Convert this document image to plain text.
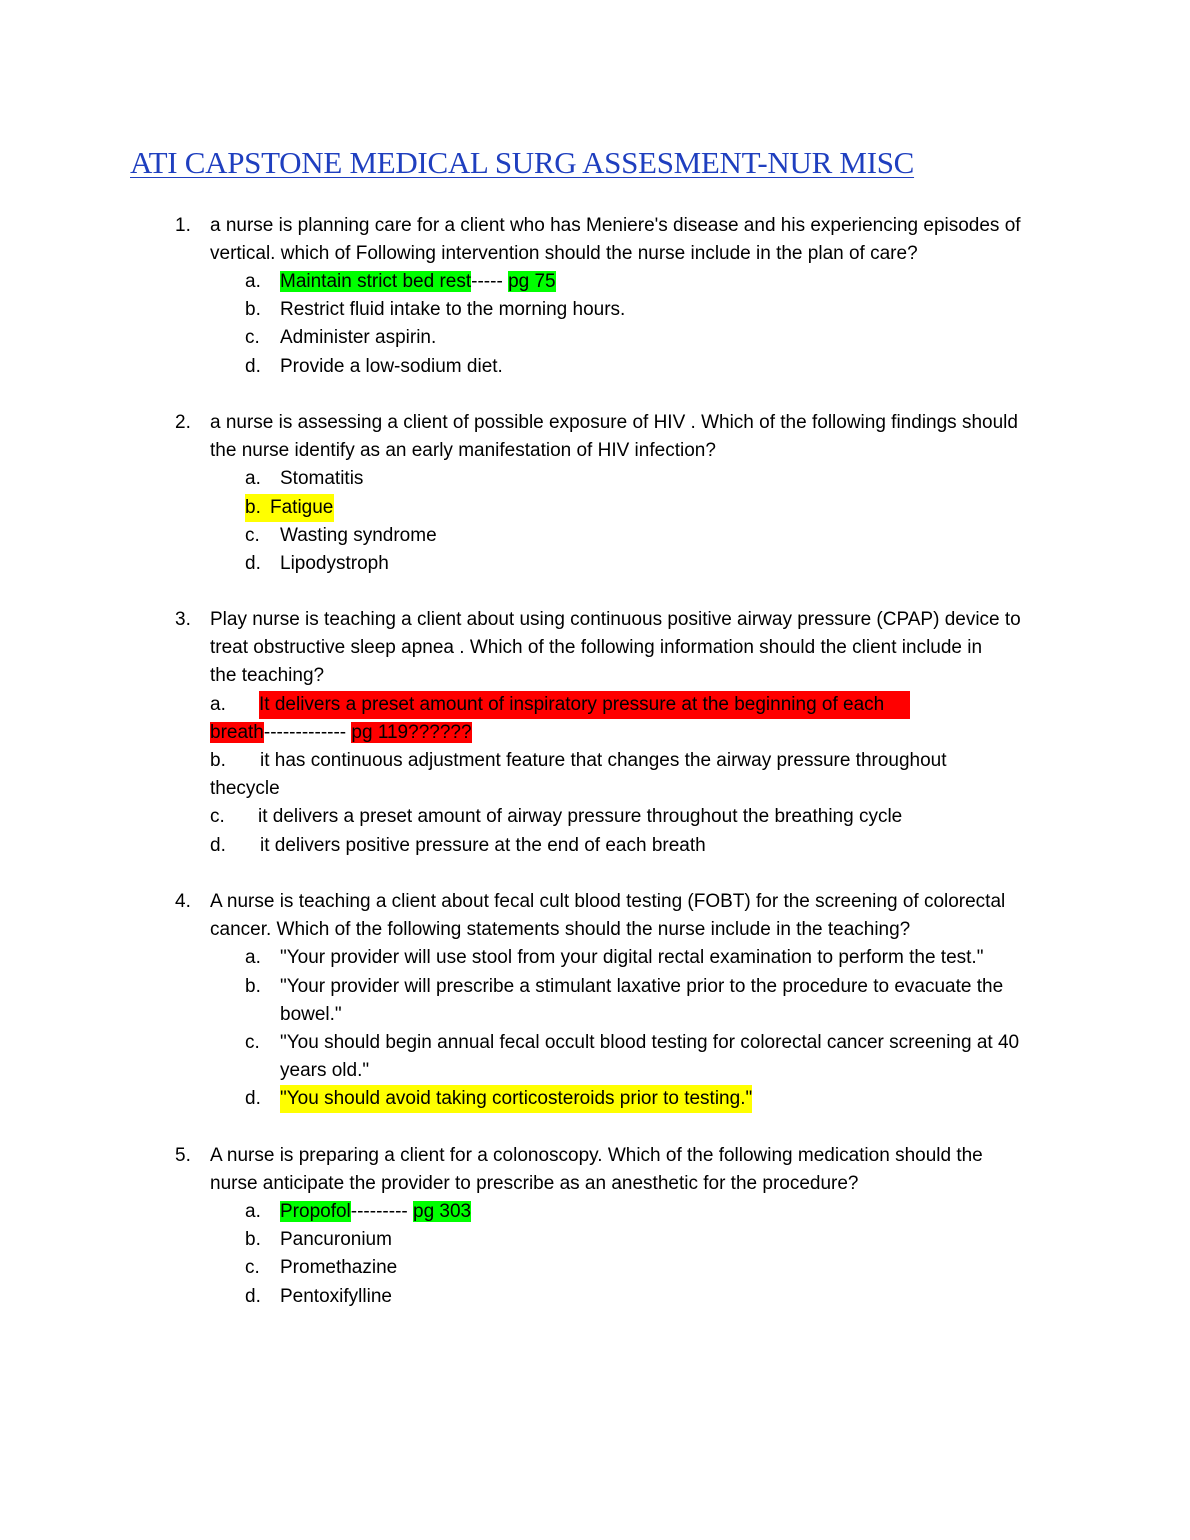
ATI CAPSTONE MEDICAL SURG ASSESMENT-NUR MISC
1.	a nurse is planning care for a client who has Meniere's disease and his experiencing episodes of
vertical. which of Following intervention should the nurse include in the plan of care?
a. Maintain strict bed rest----- pg 75
b. Restrict fluid intake to the morning hours.
c. Administer aspirin.
d. Provide a low-sodium diet.
2.	a nurse is assessing a client of possible exposure of HIV . Which of the following findings should
the nurse identify as an early manifestation of HIV infection?
a. Stomatitis
b. Fatigue
c. Wasting syndrome
d. Lipodystroph
3.	Play nurse is teaching a client about using continuous positive airway pressure (CPAP) device to
treat obstructive sleep apnea . Which of the following information should the client include in
the teaching?
a. It delivers a preset amount of inspiratory pressure at the beginning of each
breath------------- pg 119??????
b. it has continuous adjustment feature that changes the airway pressure throughout
thecycle
c. it delivers a preset amount of airway pressure throughout the breathing cycle
d. it delivers positive pressure at the end of each breath
4.	A nurse is teaching a client about fecal cult blood testing (FOBT) for the screening of colorectal
cancer. Which of the following statements should the nurse include in the teaching?
a. "Your provider will use stool from your digital rectal examination to perform the test."
b. "Your provider will prescribe a stimulant laxative prior to the procedure to evacuate the
bowel."
c. "You should begin annual fecal occult blood testing for colorectal cancer screening at 40
years old."
d. "You should avoid taking corticosteroids prior to testing."
5.	A nurse is preparing a client for a colonoscopy. Which of the following medication should the
nurse anticipate the provider to prescribe as an anesthetic for the procedure?
a. Propofol--------- pg 303
b. Pancuronium
c. Promethazine
d. Pentoxifylline
